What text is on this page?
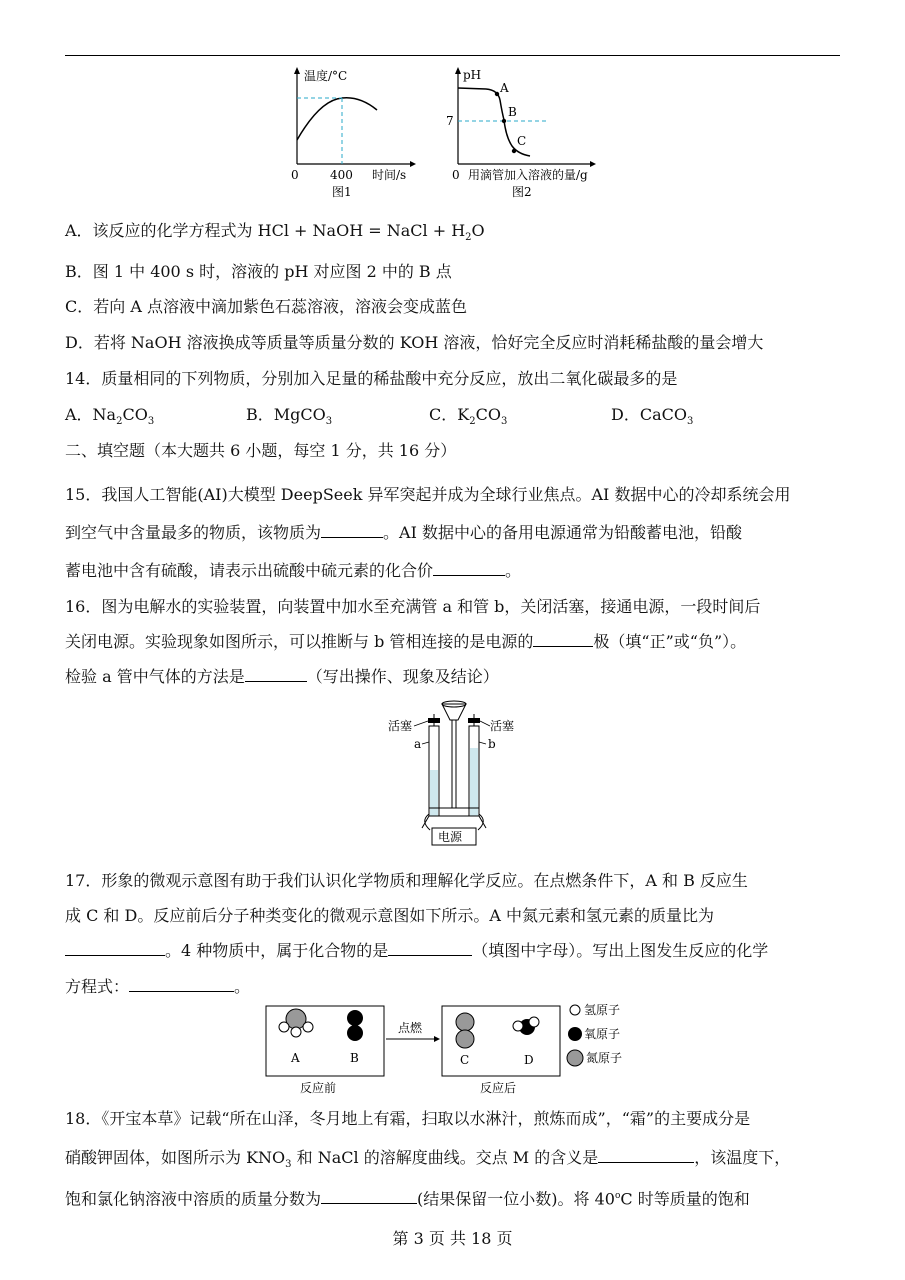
温度/°C
0	400 时间/s
图1
pH
A
B
C
7
0 用滴管加入溶液的量/g
图2
A．该反应的化学方程式为 HCl + NaOH = NaCl + $H_2O$
B．图 1 中 400 s 时，溶液的 pH 对应图 2 中的 B 点
C．若向 A 点溶液中滴加紫色石蕊溶液，溶液会变成蓝色
D．若将 NaOH 溶液换成等质量等质量分数的 KOH 溶液，恰好完全反应时消耗稀盐酸的量会增大
14．质量相同的下列物质，分别加入足量的稀盐酸中充分反应，放出二氧化碳最多的是
A．$Na_2CO_3$	B．MgCO$_3$	C．$K_2CO_3$	D．CaCO$_3$
二、填空题（本大题共 6 小题，每空 1 分，共 16 分）
15．我国人工智能(AI)大模型 DeepSeek 异军突起并成为全球行业焦点。AI 数据中心的冷却系统会用
到空气中含量最多的物质，该物质为	。AI 数据中心的备用电源通常为铅酸蓄电池，铅酸
蓄电池中含有硫酸，请表示出硫酸中硫元素的化合价	。
16．图为电解水的实验装置，向装置中加水至充满管 a 和管 b，关闭活塞，接通电源，一段时间后
关闭电源。实验现象如图所示，可以推断与 b 管相连接的是电源的	极（填“正”或“负”）。
检验 a 管中气体的方法是	（写出操作、现象及结论）
电源
活塞	活塞
a	b
17．形象的微观示意图有助于我们认识化学物质和理解化学反应。在点燃条件下，A 和 B 反应生
成 C 和 D。反应前后分子种类变化的微观示意图如下所示。A 中氮元素和氢元素的质量比为
。4 种物质中，属于化合物的是	（填图中字母）。写出上图发生反应的化学
方程式：	。
A	B
点燃
C	D
反应前	反应后
氢原子
氧原子
氮原子
18．《开宝本草》记载“所在山泽，冬月地上有霜，扫取以水淋汁，煎炼而成”，“霜”的主要成分是
硝酸钾固体，如图所示为 $KNO_3$ 和 NaCl 的溶解度曲线。交点 M 的含义是	，该温度下，
饱和氯化钠溶液中溶质的质量分数为	(结果保留一位小数)。将 40$^o$C 时等质量的饱和
第 3 页 共 18 页
